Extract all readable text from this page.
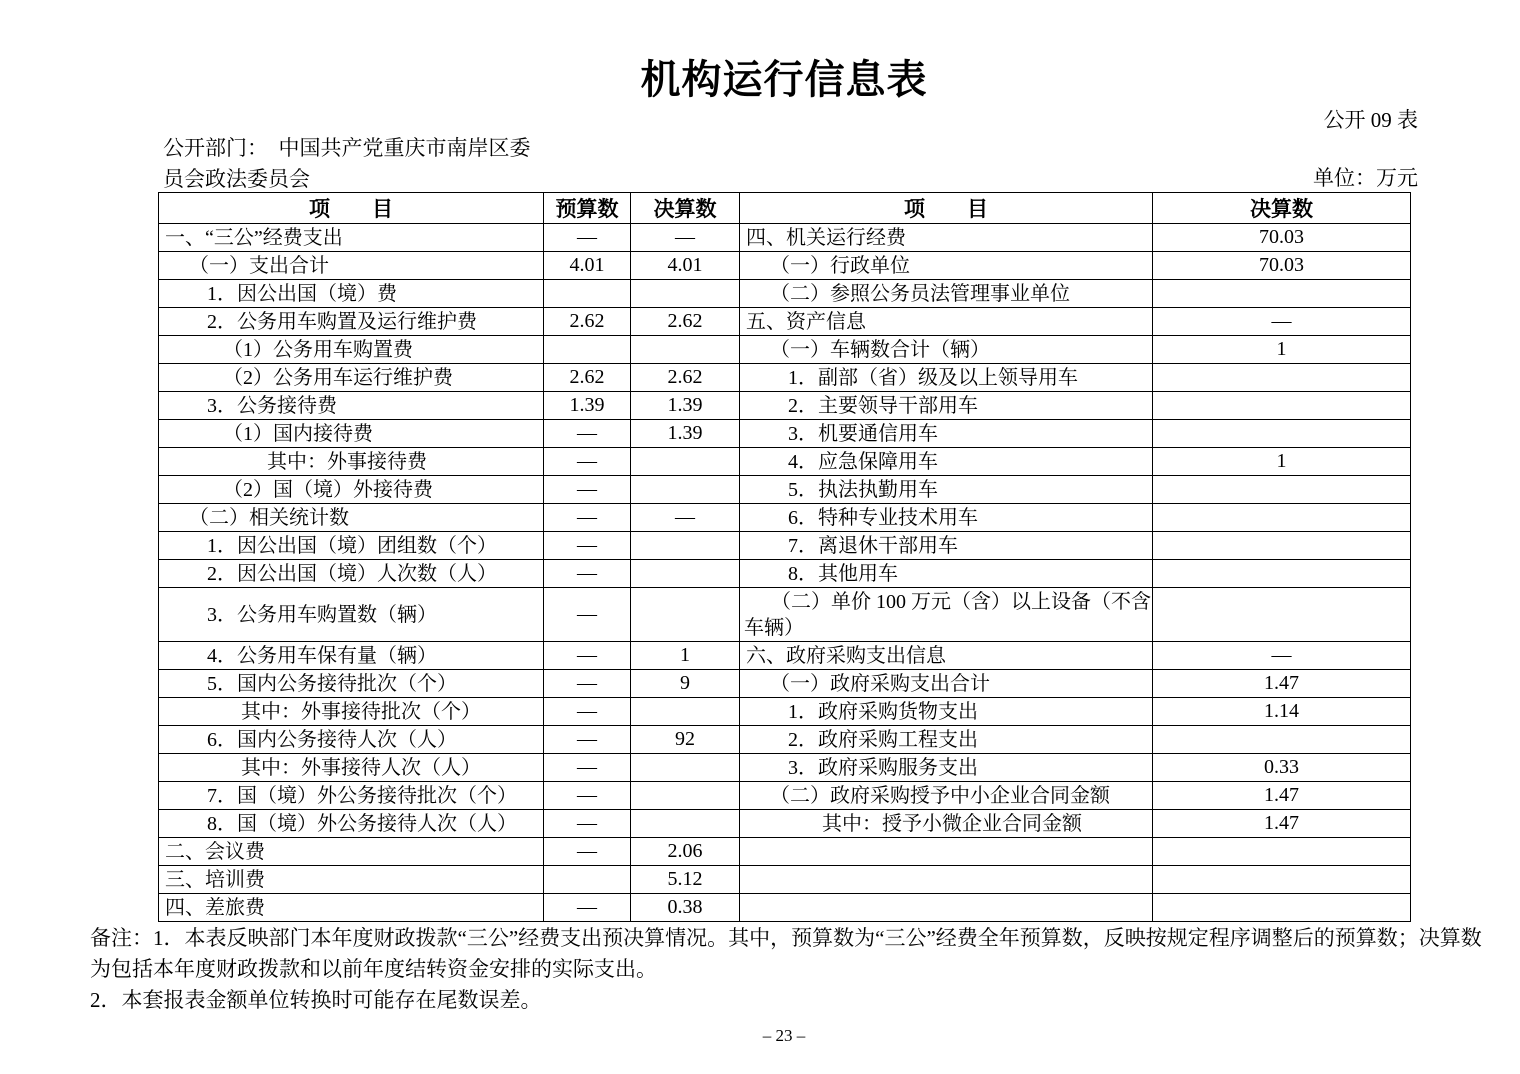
机构运行信息表
公开 09 表
公开部门：　中国共产党重庆市南岸区委
员会政法委员会	单位：万元
项　　目	预算数	决算数	项　　目	决算数
一、“三公”经费支出	—	—	四、机关运行经费	70.03
（一）支出合计	4.01	4.01	（一）行政单位	70.03
1．因公出国（境）费			（二）参照公务员法管理事业单位	
2．公务用车购置及运行维护费	2.62	2.62	五、资产信息	—
（1）公务用车购置费			（一）车辆数合计（辆）	1
（2）公务用车运行维护费	2.62	2.62	1．副部（省）级及以上领导用车	
3．公务接待费	1.39	1.39	2．主要领导干部用车	
（1）国内接待费	—	1.39	3．机要通信用车	
其中：外事接待费	—		4．应急保障用车	1
（2）国（境）外接待费	—		5．执法执勤用车	
（二）相关统计数	—	—	6．特种专业技术用车	
1．因公出国（境）团组数（个）	—		7．离退休干部用车	
2．因公出国（境）人次数（人）	—		8．其他用车	
3．公务用车购置数（辆）	—		（二）单价 100 万元（含）以上设备（不含车辆）	
4．公务用车保有量（辆）	—	1	六、政府采购支出信息	—
5．国内公务接待批次（个）	—	9	（一）政府采购支出合计	1.47
其中：外事接待批次（个）	—		1．政府采购货物支出	1.14
6．国内公务接待人次（人）	—	92	2．政府采购工程支出	
其中：外事接待人次（人）	—		3．政府采购服务支出	0.33
7．国（境）外公务接待批次（个）	—		（二）政府采购授予中小企业合同金额	1.47
8．国（境）外公务接待人次（人）	—		其中：授予小微企业合同金额	1.47
二、会议费	—	2.06		
三、培训费		5.12		
四、差旅费	—	0.38		

备注：1．本表反映部门本年度财政拨款“三公”经费支出预决算情况。其中，预算数为“三公”经费全年预算数，反映按规定程序调整后的预算数；决算数为包括本年度财政拨款和以前年度结转资金安排的实际支出。

2．本套报表金额单位转换时可能存在尾数误差。

– 23 –
